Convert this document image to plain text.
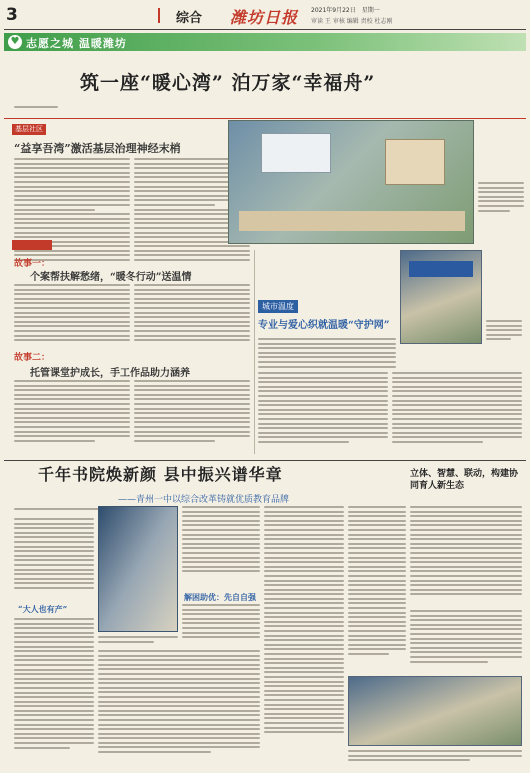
3	综合 潍坊日报 2021年9月22日　星期一
审读 王 审核 编辑 责校 杜志刚
♥ 志愿之城 温暖潍坊
筑一座“暖心湾” 泊万家“幸福舟”
基层社区
“益享吾湾”激活基层治理神经末梢
故事一：
个案帮扶解愁绪，“暖冬行动”送温情
故事二：
托管课堂护成长，手工作品助力涵养
城市温度
专业与爱心织就温暖“守护网”
千年书院焕新颜 县中振兴谱华章
——青州一中以综合改革铸就优质教育品牌
“大人也有产”
解困助优：先自自强
立体、智慧、联动，构建协同育人新生态
